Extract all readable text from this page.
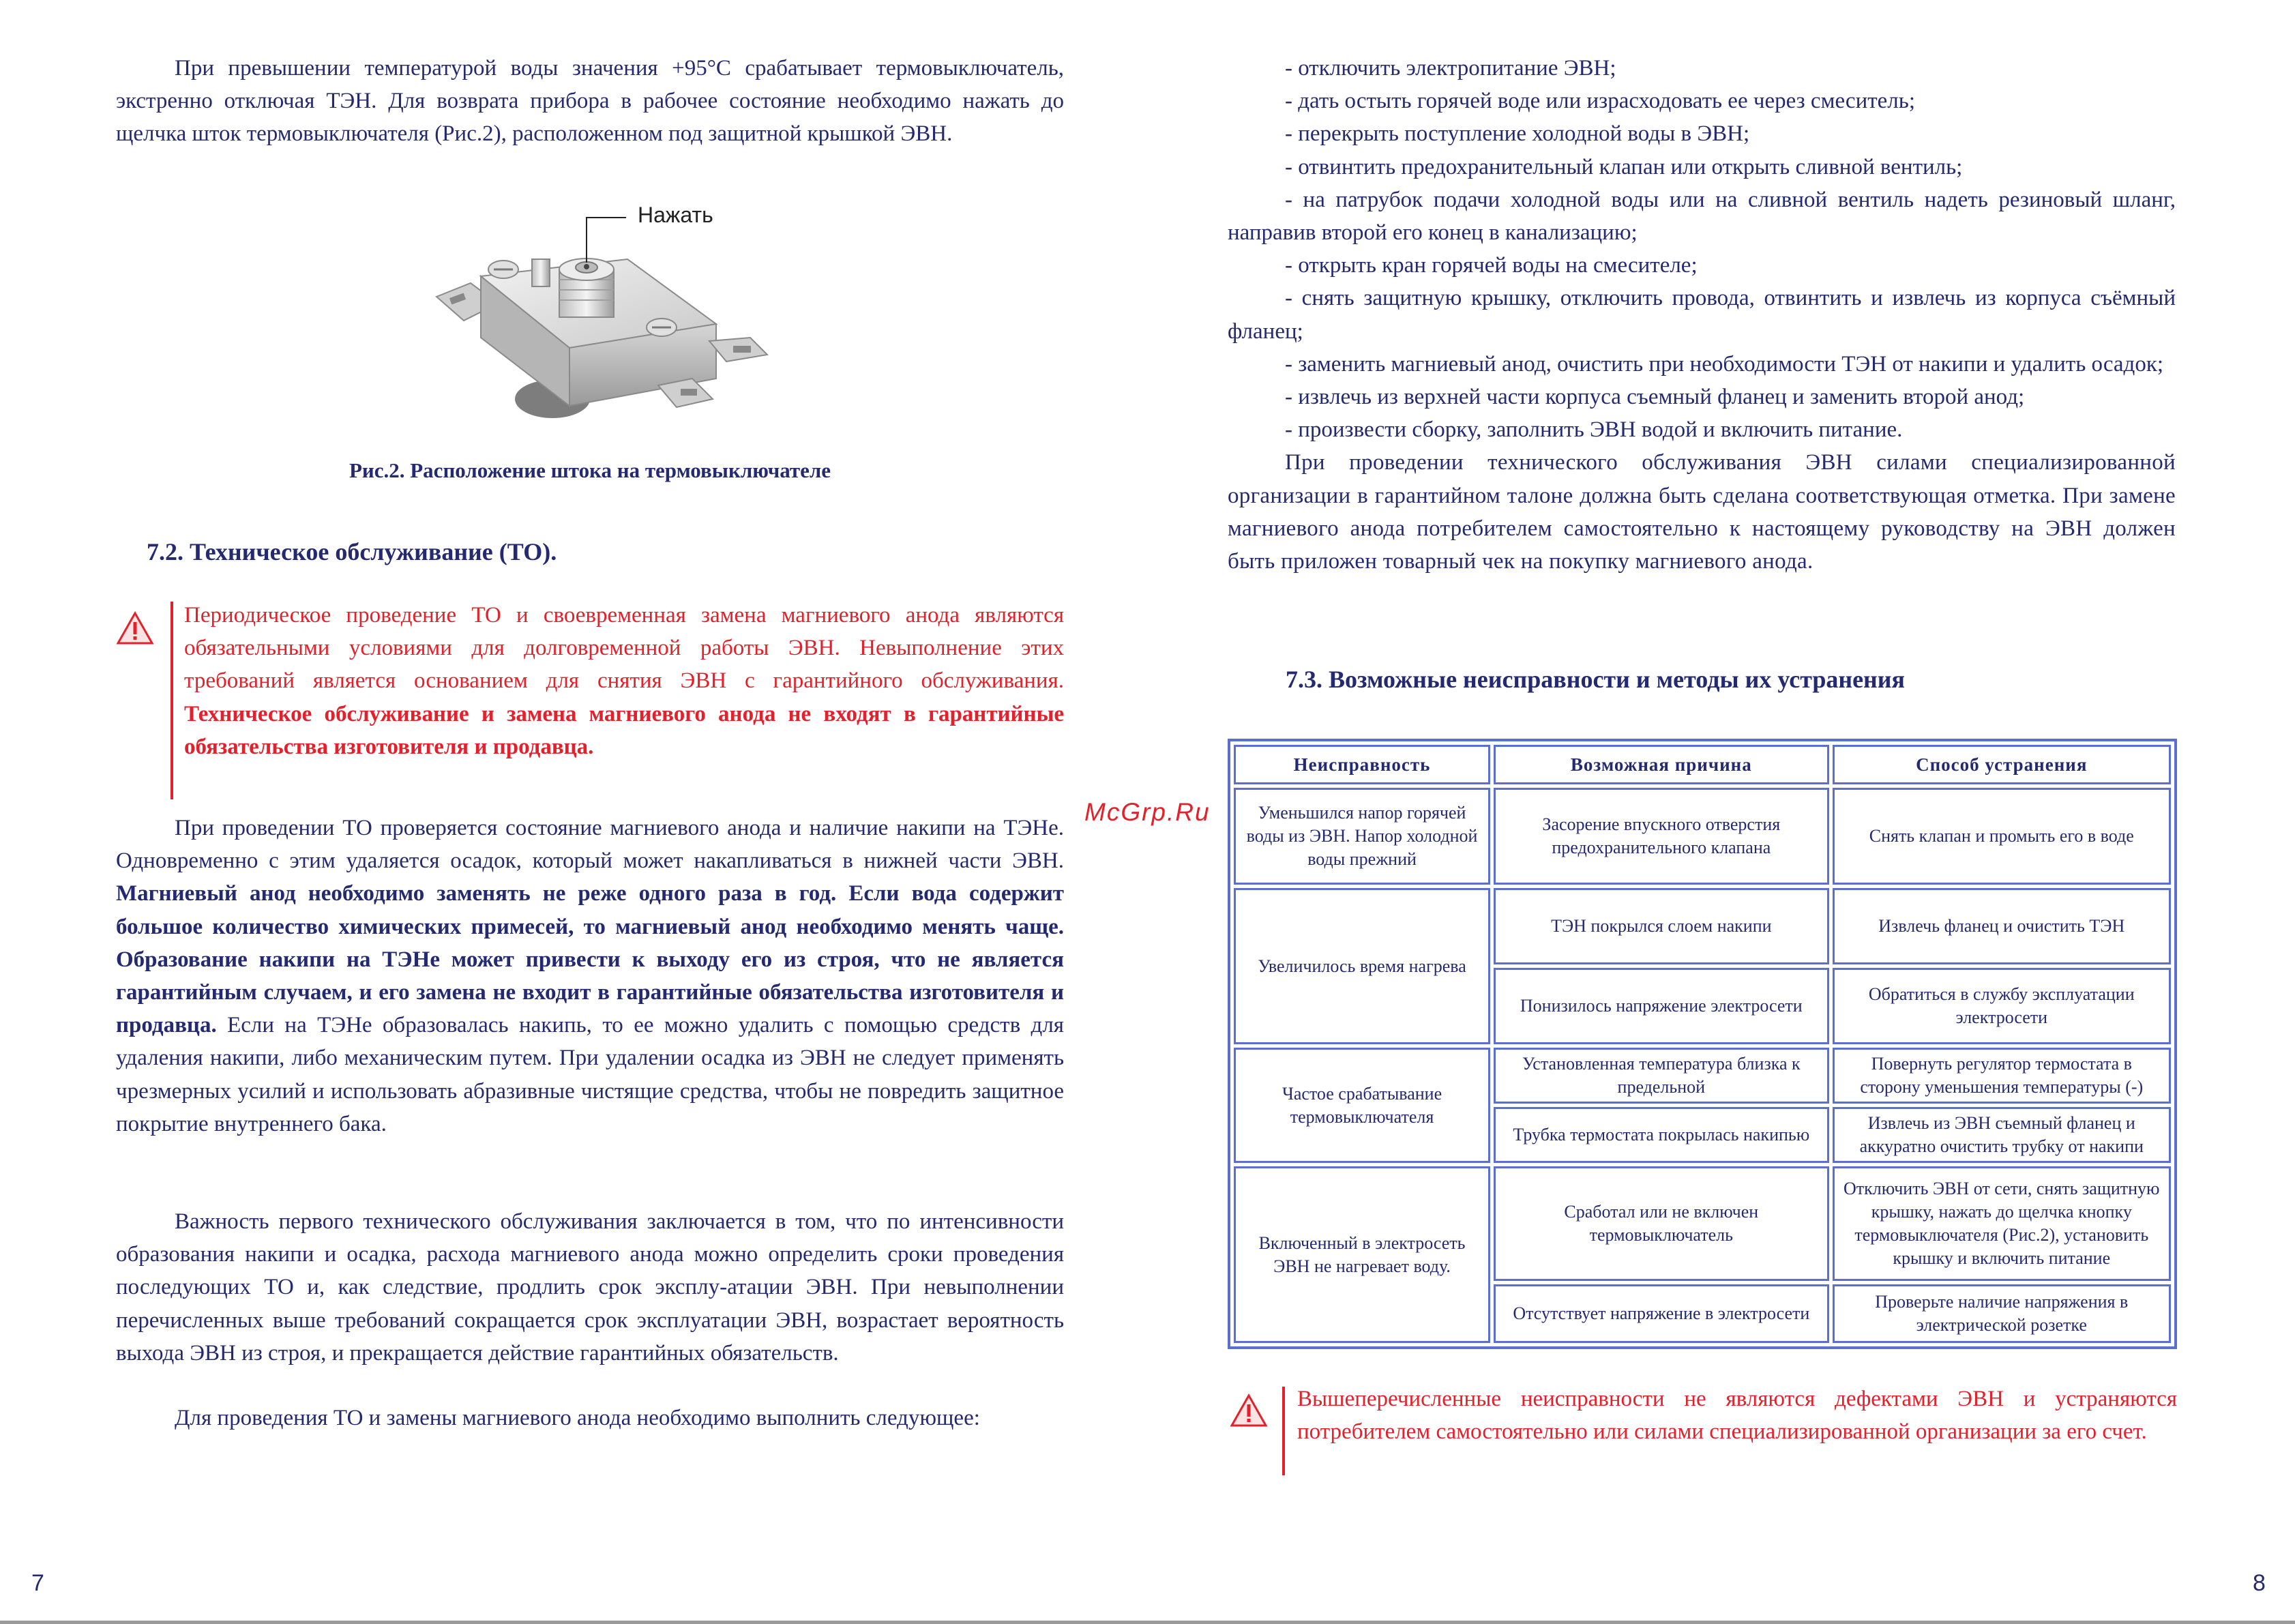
При превышении температурой воды значения +95°С срабатывает термовыключатель, экстренно отключая ТЭН. Для возврата прибора в рабочее состояние необходимо нажать до щелчка шток термовыключателя (Рис.2), расположенном под защитной крышкой ЭВН.

Нажать
Рис.2. Расположение штока на термовыключателе
7.2. Техническое обслуживание (ТО).

Периодическое проведение ТО и своевременная замена магниевого анода являются обязательными условиями для долговременной работы ЭВН. Невыполнение этих требований является основанием для снятия ЭВН с гарантийного обслуживания. Техническое обслуживание и замена магниевого анода не входят в гарантийные обязательства изготовителя и продавца.

При проведении ТО проверяется состояние магниевого анода и наличие накипи на ТЭНе. Одновременно с этим удаляется осадок, который может накапливаться в нижней части ЭВН. Магниевый анод необходимо заменять не реже одного раза в год. Если вода содержит большое количество химических примесей, то магниевый анод необходимо менять чаще. Образование накипи на ТЭНе может привести к выходу его из строя, что не является гарантийным случаем, и его замена не входит в гарантийные обязательства изготовителя и продавца. Если на ТЭНе образовалась накипь, то ее можно удалить с помощью средств для удаления накипи, либо механическим путем. При удалении осадка из ЭВН не следует применять чрезмерных усилий и использовать абразивные чистящие средства, чтобы не повредить защитное покрытие внутреннего бака.

Важность первого технического обслуживания заключается в том, что по интенсивности образования накипи и осадка, расхода магниевого анода можно определить сроки проведения последующих ТО и, как следствие, продлить срок эксплу-атации ЭВН. При невыполнении перечисленных выше требований сокращается срок эксплуатации ЭВН, возрастает вероятность выхода ЭВН из строя, и прекращается действие гарантийных обязательств.

Для проведения ТО и замены магниевого анода необходимо выполнить следующее:

7
McGrp.Ru

- отключить электропитание ЭВН;

- дать остыть горячей воде или израсходовать ее через смеситель;

- перекрыть поступление холодной воды в ЭВН;

- отвинтить предохранительный клапан или открыть сливной вентиль;

- на патрубок подачи холодной воды или на сливной вентиль надеть резиновый шланг, направив второй его конец в канализацию;

- открыть кран горячей воды на смесителе;

- снять защитную крышку, отключить провода, отвинтить и извлечь из корпуса съёмный фланец;

- заменить магниевый анод, очистить при необходимости ТЭН от накипи и удалить осадок;

- извлечь из верхней части корпуса съемный фланец и заменить второй анод;

- произвести сборку, заполнить ЭВН водой и включить питание.

При проведении технического обслуживания ЭВН силами специализированной организации в гарантийном талоне должна быть сделана соответствующая отметка. При замене магниевого анода потребителем самостоятельно к настоящему руководству на ЭВН должен быть приложен товарный чек на покупку магниевого анода.

7.3. Возможные неисправности и методы их устранения
Неисправность	Возможная причина	Способ устранения
Уменьшился напор горячей воды из ЭВН. Напор холодной воды прежний	Засорение впускного отверстия предохранительного клапана	Снять клапан и промыть его в воде
Увеличилось время нагрева	ТЭН покрылся слоем накипи	Извлечь фланец и очистить ТЭН
	Понизилось напряжение электросети	Обратиться в службу эксплуатации электросети
Частое срабатывание термовыключателя	Установленная температура близка к предельной	Повернуть регулятор термостата в сторону уменьшения температуры (-)
	Трубка термостата покрылась накипью	Извлечь из ЭВН съемный фланец и аккуратно очистить трубку от накипи
Включенный в электросеть ЭВН не нагревает воду.	Сработал или не включен термовыключатель	Отключить ЭВН от сети, снять защитную крышку, нажать до щелчка кнопку термовыключателя (Рис.2), установить крышку и включить питание
	Отсутствует напряжение в электросети	Проверьте наличие напряжения в электрической розетке

Вышеперечисленные неисправности не являются дефектами ЭВН и устраняются потребителем самостоятельно или силами специализированной организации за его счет.

8
